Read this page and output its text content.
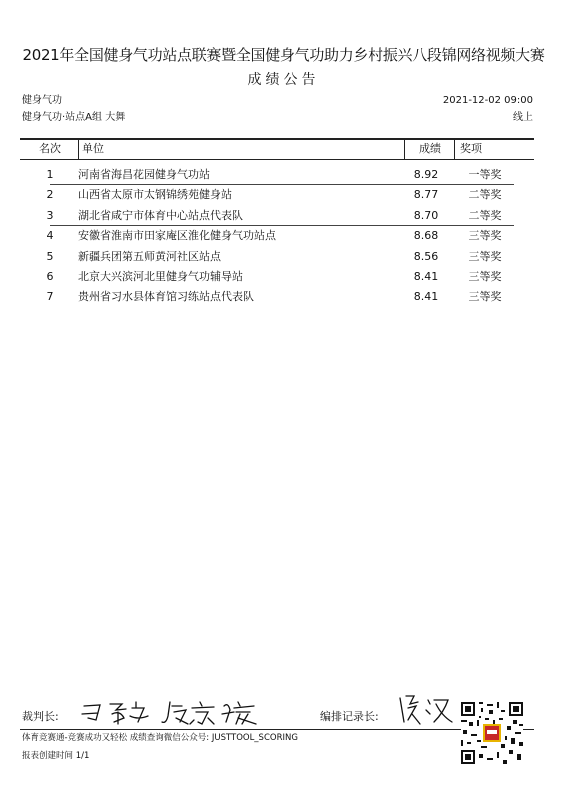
2021年全国健身气功站点联赛暨全国健身气功助力乡村振兴八段锦网络视频大赛
成绩公告
健身气功	2021-12-02 09:00
健身气功·站点A组 大舞	线上
名次	单位	成绩	奖项
1	河南省海昌花园健身气功站	8.92	一等奖
2	山西省太原市太钢锦绣苑健身站	8.77	二等奖
3	湖北省咸宁市体育中心站点代表队	8.70	二等奖
4	安徽省淮南市田家庵区淮化健身气功站点	8.68	三等奖
5	新疆兵团第五师黄河社区站点	8.56	三等奖
6	北京大兴滨河北里健身气功辅导站	8.41	三等奖
7	贵州省习水县体育馆习练站点代表队	8.41	三等奖
裁判长:	编排记录长:
体育竞赛通-竞赛成功又轻松 成绩查询微信公众号: JUSTTOOL_SCORING
报表创建时间 1/1
